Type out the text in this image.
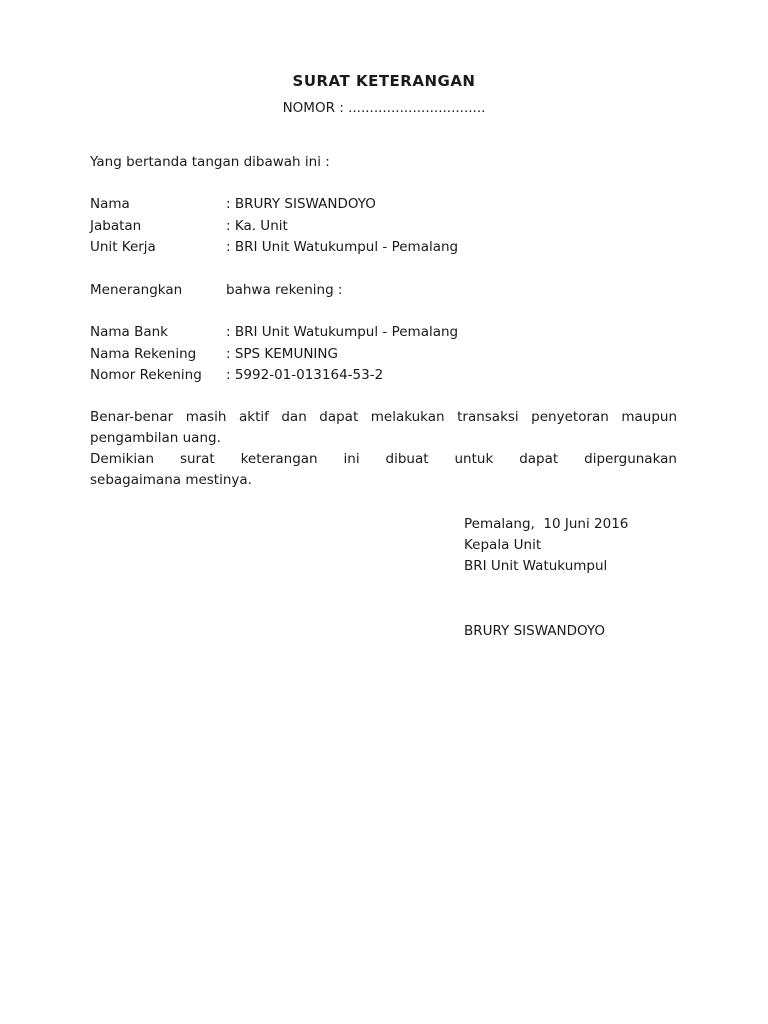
SURAT KETERANGAN
NOMOR : ................................
Yang bertanda tangan dibawah ini :
Nama	: BRURY SISWANDOYO
Jabatan	: Ka. Unit
Unit Kerja	: BRI Unit Watukumpul - Pemalang
Menerangkan	bahwa rekening :
Nama Bank	: BRI Unit Watukumpul - Pemalang
Nama Rekening	: SPS KEMUNING
Nomor Rekening	: 5992-01-013164-53-2
Benar-benar masih aktif dan dapat melakukan transaksi penyetoran maupun
pengambilan uang.
Demikian surat keterangan ini dibuat untuk dapat dipergunakan
sebagaimana mestinya.
Pemalang,  10 Juni 2016
Kepala Unit
BRI Unit Watukumpul
BRURY SISWANDOYO
